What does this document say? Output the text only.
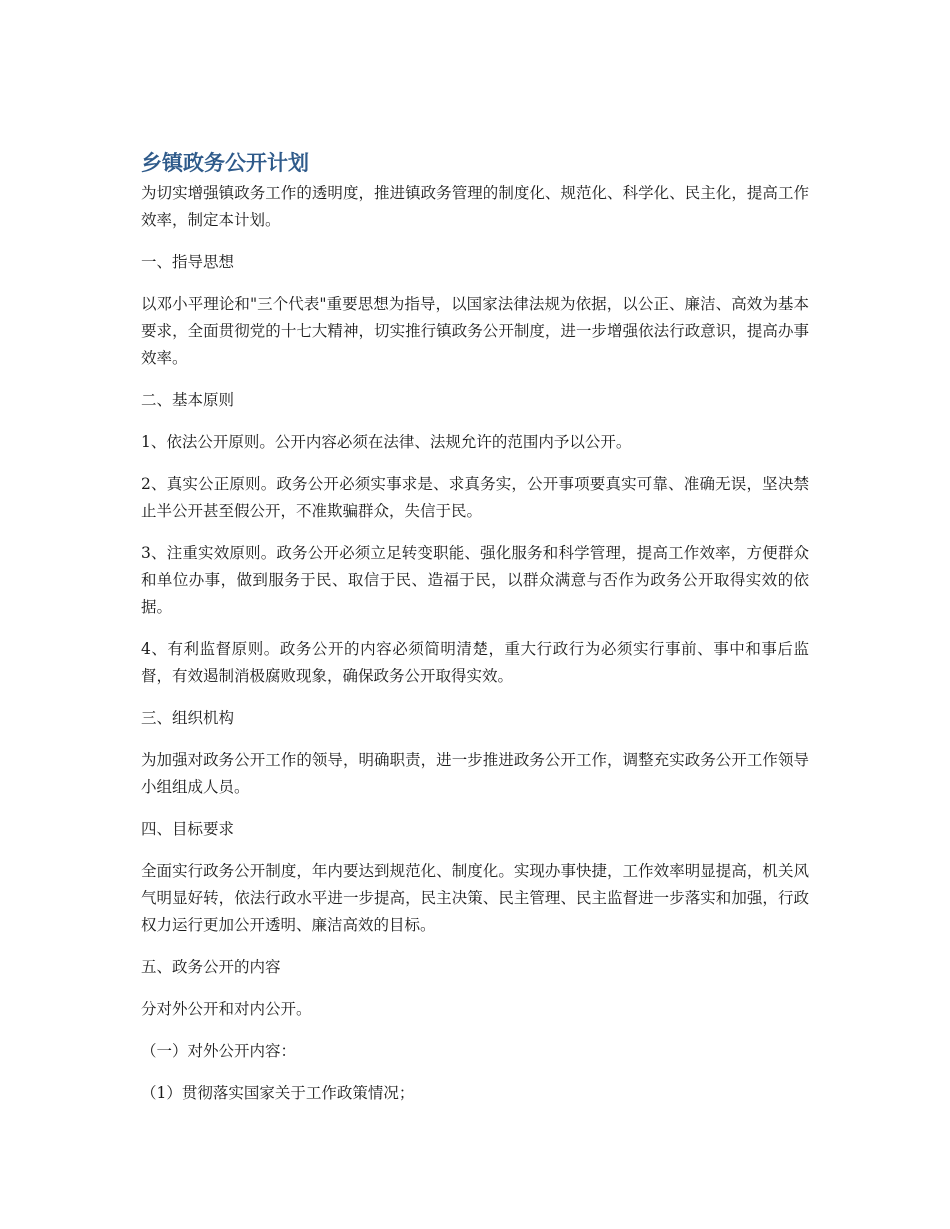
乡镇政务公开计划

为切实增强镇政务工作的透明度，推进镇政务管理的制度化、规范化、科学化、民主化，提高工作效率，制定本计划。

一、指导思想

以邓小平理论和"三个代表"重要思想为指导，以国家法律法规为依据，以公正、廉洁、高效为基本要求，全面贯彻党的十七大精神，切实推行镇政务公开制度，进一步增强依法行政意识，提高办事效率。

二、基本原则

1、依法公开原则。公开内容必须在法律、法规允许的范围内予以公开。

2、真实公正原则。政务公开必须实事求是、求真务实，公开事项要真实可靠、准确无误，坚决禁止半公开甚至假公开，不准欺骗群众，失信于民。

3、注重实效原则。政务公开必须立足转变职能、强化服务和科学管理，提高工作效率，方便群众和单位办事，做到服务于民、取信于民、造福于民，以群众满意与否作为政务公开取得实效的依据。

4、有利监督原则。政务公开的内容必须简明清楚，重大行政行为必须实行事前、事中和事后监督，有效遏制消极腐败现象，确保政务公开取得实效。

三、组织机构

为加强对政务公开工作的领导，明确职责，进一步推进政务公开工作，调整充实政务公开工作领导小组组成人员。

四、目标要求

全面实行政务公开制度，年内要达到规范化、制度化。实现办事快捷，工作效率明显提高，机关风气明显好转，依法行政水平进一步提高，民主决策、民主管理、民主监督进一步落实和加强，行政权力运行更加公开透明、廉洁高效的目标。

五、政务公开的内容

分对外公开和对内公开。

（一）对外公开内容：

（1）贯彻落实国家关于工作政策情况；
